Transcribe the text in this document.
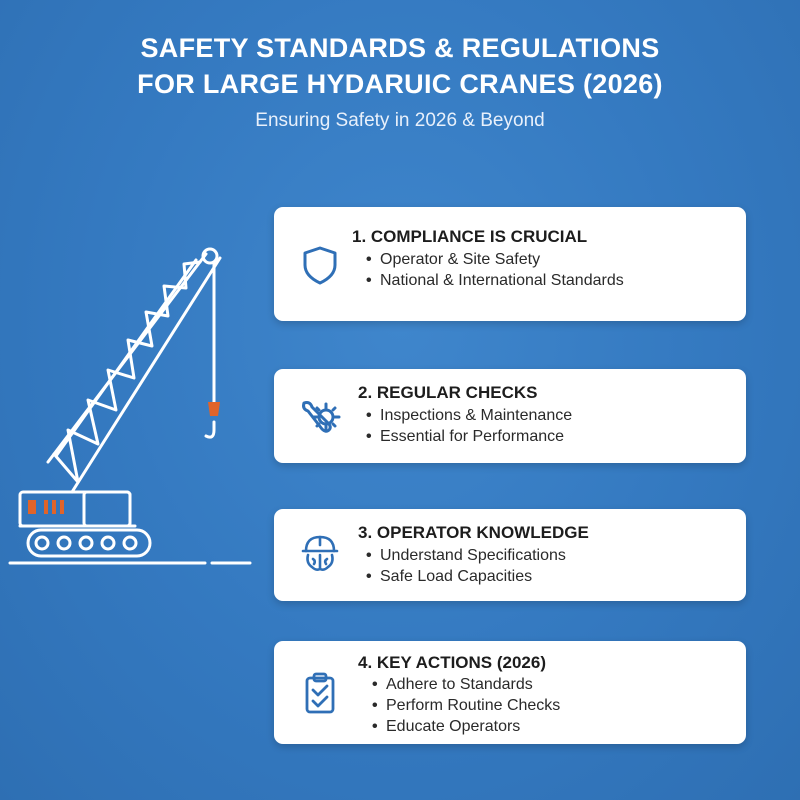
SAFETY STANDARDS & REGULATIONS
FOR LARGE HYDARUIC CRANES (2026)
Ensuring Safety in 2026 & Beyond
1. COMPLIANCE IS CRUCIAL
• Operator & Site Safety
• National & International Standards
2. REGULAR CHECKS
• Inspections & Maintenance
• Essential for Performance
3. OPERATOR KNOWLEDGE
• Understand Specifications
• Safe Load Capacities
4. KEY ACTIONS (2026)
• Adhere to Standards
• Perform Routine Checks
• Educate Operators
